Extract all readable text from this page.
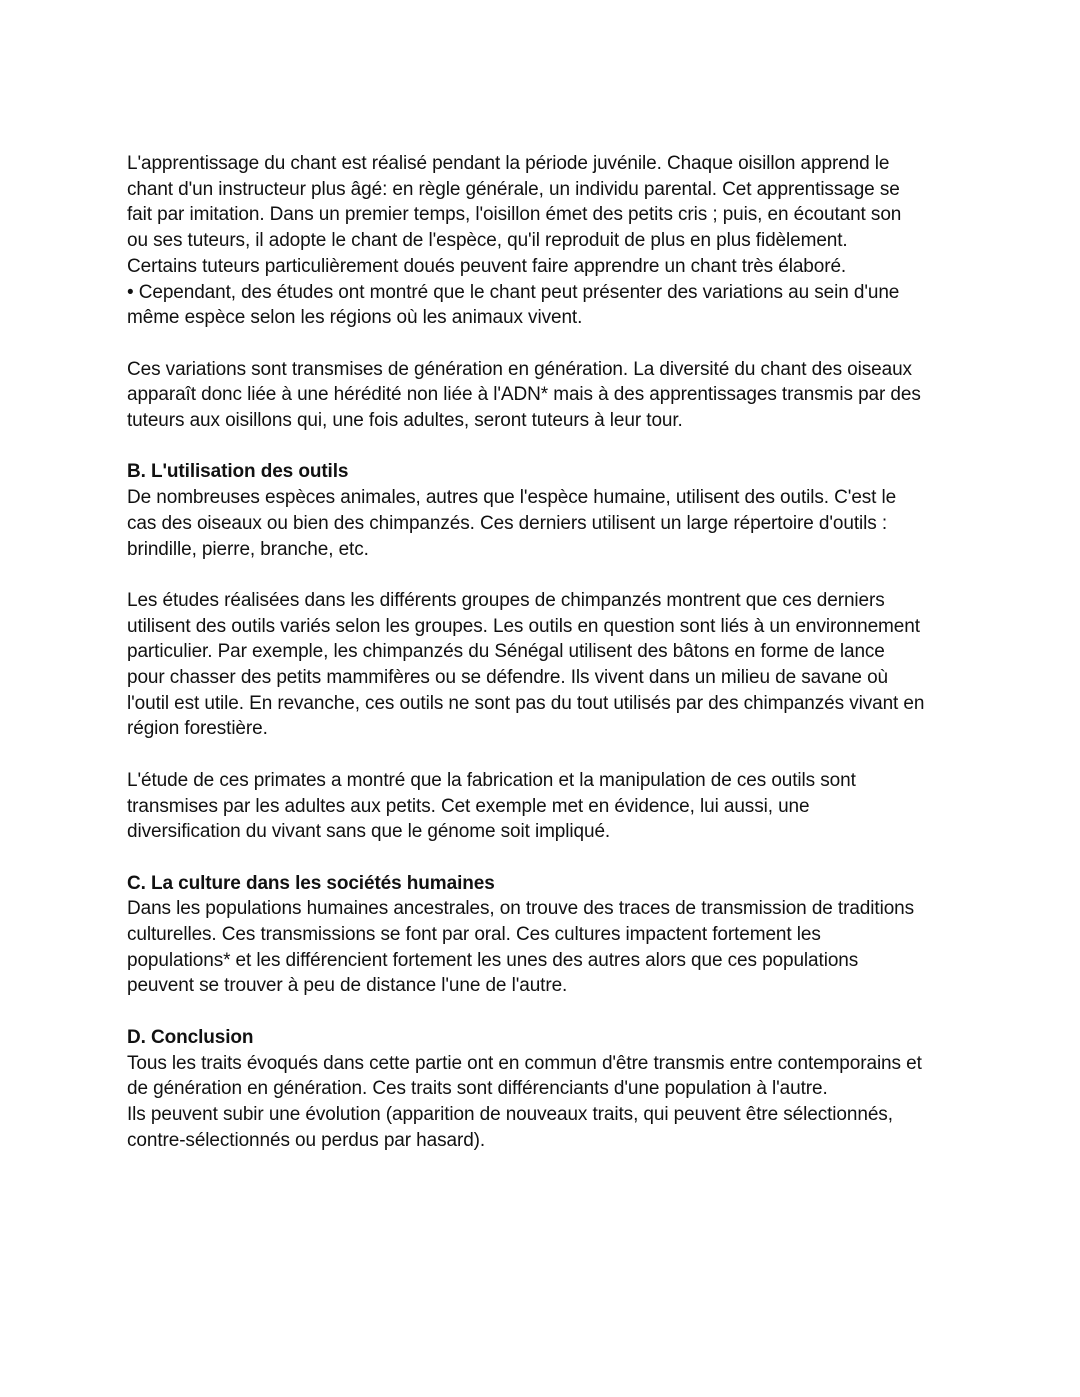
L'apprentissage du chant est réalisé pendant la période juvénile. Chaque oisillon apprend le
chant d'un instructeur plus âgé: en règle générale, un individu parental. Cet apprentissage se
fait par imitation. Dans un premier temps, l'oisillon émet des petits cris ; puis, en écoutant son
ou ses tuteurs, il adopte le chant de l'espèce, qu'il reproduit de plus en plus fidèlement.
Certains tuteurs particulièrement doués peuvent faire apprendre un chant très élaboré.
• Cependant, des études ont montré que le chant peut présenter des variations au sein d'une
même espèce selon les régions où les animaux vivent.

Ces variations sont transmises de génération en génération. La diversité du chant des oiseaux
apparaît donc liée à une hérédité non liée à l'ADN* mais à des apprentissages transmis par des
tuteurs aux oisillons qui, une fois adultes, seront tuteurs à leur tour.

B. L'utilisation des outils

De nombreuses espèces animales, autres que l'espèce humaine, utilisent des outils. C'est le
cas des oiseaux ou bien des chimpanzés. Ces derniers utilisent un large répertoire d'outils :
brindille, pierre, branche, etc.

Les études réalisées dans les différents groupes de chimpanzés montrent que ces derniers
utilisent des outils variés selon les groupes. Les outils en question sont liés à un environnement
particulier. Par exemple, les chimpanzés du Sénégal utilisent des bâtons en forme de lance
pour chasser des petits mammifères ou se défendre. Ils vivent dans un milieu de savane où
l'outil est utile. En revanche, ces outils ne sont pas du tout utilisés par des chimpanzés vivant en
région forestière.

L'étude de ces primates a montré que la fabrication et la manipulation de ces outils sont
transmises par les adultes aux petits. Cet exemple met en évidence, lui aussi, une
diversification du vivant sans que le génome soit impliqué.

C. La culture dans les sociétés humaines

Dans les populations humaines ancestrales, on trouve des traces de transmission de traditions
culturelles. Ces transmissions se font par oral. Ces cultures impactent fortement les
populations* et les différencient fortement les unes des autres alors que ces populations
peuvent se trouver à peu de distance l'une de l'autre.

D. Conclusion

Tous les traits évoqués dans cette partie ont en commun d'être transmis entre contemporains et
de génération en génération. Ces traits sont différenciants d'une population à l'autre.
Ils peuvent subir une évolution (apparition de nouveaux traits, qui peuvent être sélectionnés,
contre-sélectionnés ou perdus par hasard).
